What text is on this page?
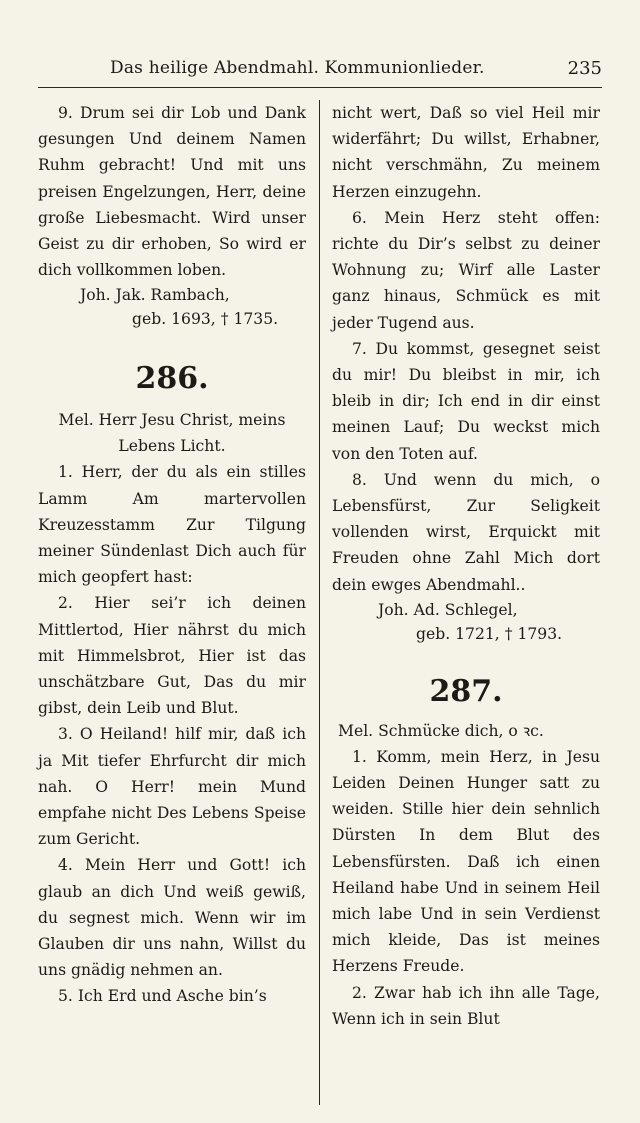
Das heilige Abendmahl. Kommunionlieder.	235

9. Drum sei dir Lob und Dank gesungen Und deinem Namen Ruhm gebracht! Und mit uns preisen Engelzungen, Herr, deine große Liebesmacht. Wird unser Geist zu dir erhoben, So wird er dich vollkommen loben.

Joh. Jak. Rambach,
geb. 1693, † 1735.

286.

Mel. Herr Jesu Christ, meins Lebens Licht.

1. Herr, der du als ein stilles Lamm Am martervollen Kreuzesstamm Zur Tilgung meiner Sündenlast Dich auch für mich geopfert hast:

2. Hier sei’r ich deinen Mittlertod, Hier nährst du mich mit Himmelsbrot, Hier ist das unschätzbare Gut, Das du mir gibst, dein Leib und Blut.

3. O Heiland! hilf mir, daß ich ja Mit tiefer Ehrfurcht dir mich nah. O Herr! mein Mund empfahe nicht Des Lebens Speise zum Gericht.

4. Mein Herr und Gott! ich glaub an dich Und weiß gewiß, du segnest mich. Wenn wir im Glauben dir uns nahn, Willst du uns gnädig nehmen an.

5. Ich Erd und Asche bin’s

nicht wert, Daß so viel Heil mir widerfährt; Du willst, Erhabner, nicht verschmähn, Zu meinem Herzen einzugehn.

6. Mein Herz steht offen: richte du Dir’s selbst zu deiner Wohnung zu; Wirf alle Laster ganz hinaus, Schmück es mit jeder Tugend aus.

7. Du kommst, gesegnet seist du mir! Du bleibst in mir, ich bleib in dir; Ich end in dir einst meinen Lauf; Du weckst mich von den Toten auf.

8. Und wenn du mich, o Lebensfürst, Zur Seligkeit vollenden wirst, Erquickt mit Freuden ohne Zahl Mich dort dein ewges Abendmahl..

Joh. Ad. Schlegel,
geb. 1721, † 1793.

287.

Mel. Schmücke dich, o ꝛc.

1. Komm, mein Herz, in Jesu Leiden Deinen Hunger satt zu weiden. Stille hier dein sehnlich Dürsten In dem Blut des Lebensfürsten. Daß ich einen Heiland habe Und in seinem Heil mich labe Und in sein Verdienst mich kleide, Das ist meines Herzens Freude.

2. Zwar hab ich ihn alle Tage, Wenn ich in sein Blut
